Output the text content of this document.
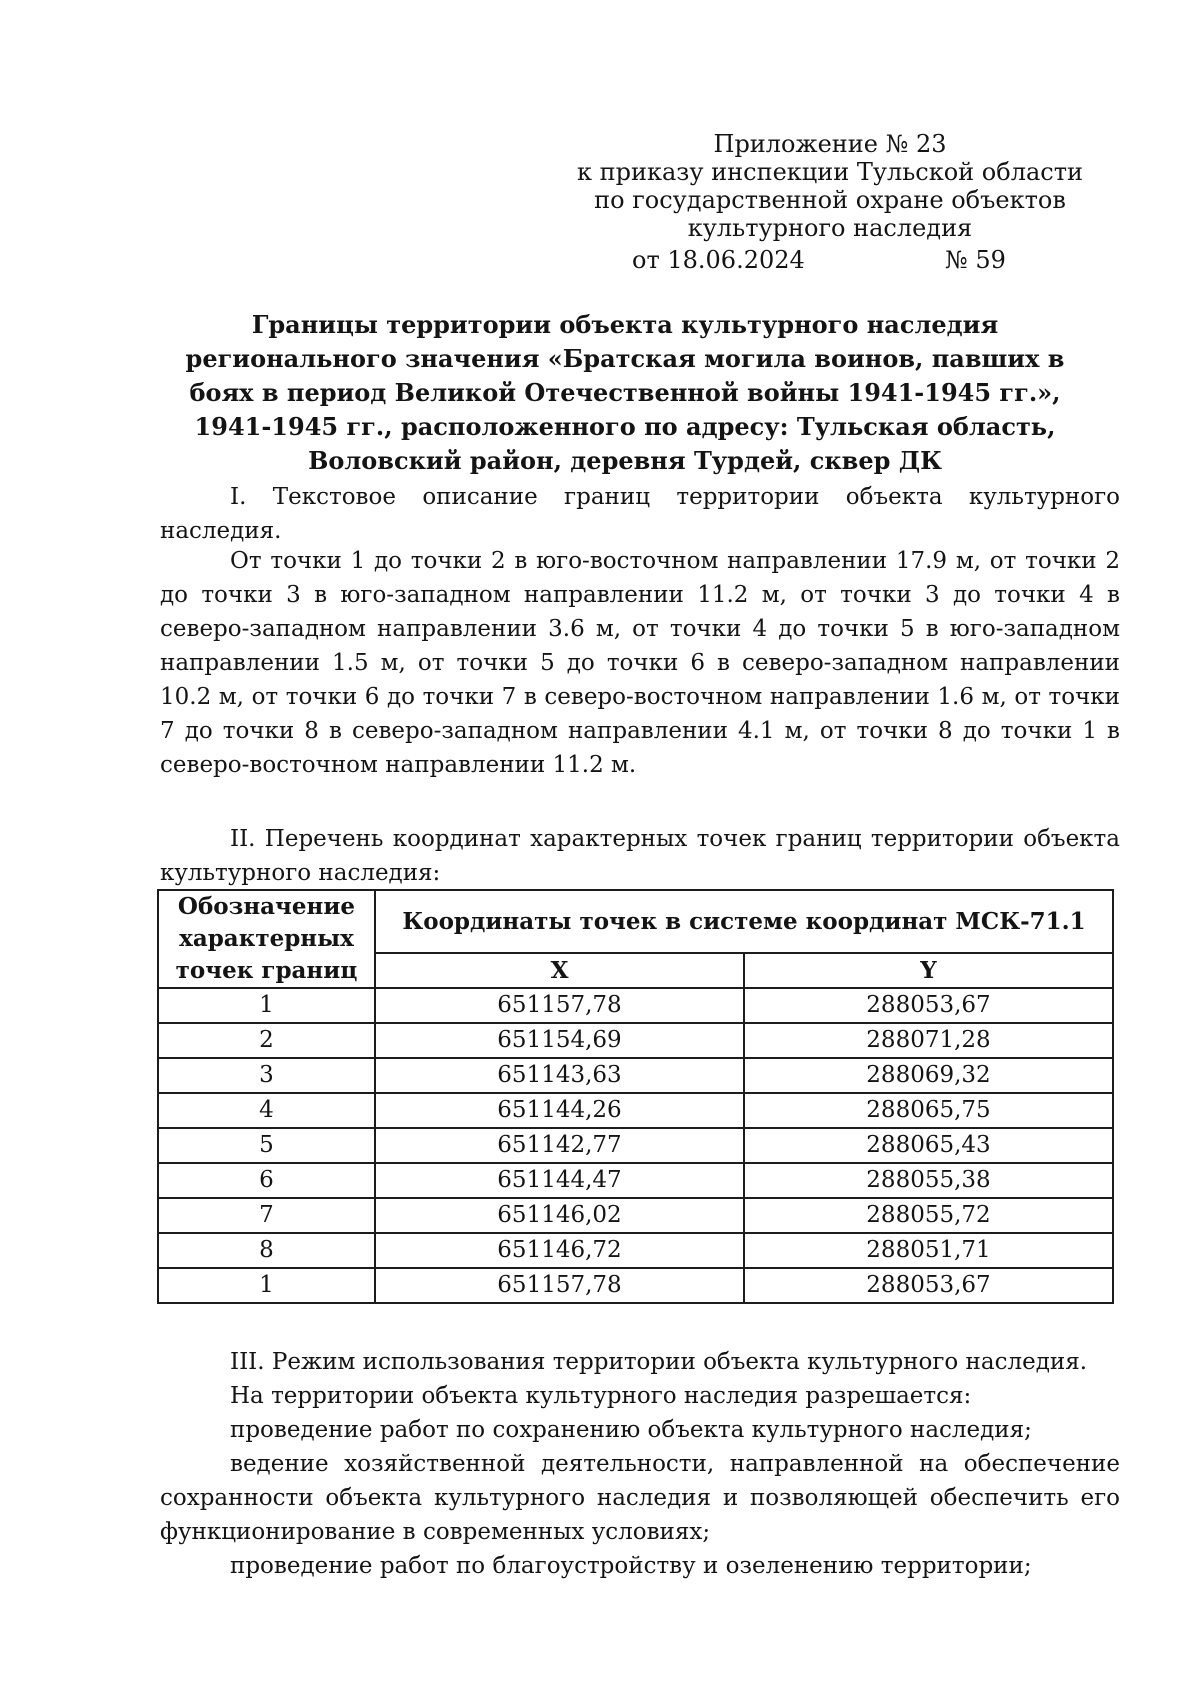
Приложение № 23
к приказу инспекции Тульской области
по государственной охране объектов
культурного наследия
от 18.06.2024	№ 59
Границы территории объекта культурного наследия регионального значения «Братская могила воинов, павших в боях в период Великой Отечественной войны 1941-1945 гг.», 1941-1945 гг., расположенного по адресу: Тульская область, Воловский район, деревня Турдей, сквер ДК
I. Текстовое описание границ территории объекта культурного наследия.
От точки 1 до точки 2 в юго-восточном направлении 17.9 м, от точки 2 до точки 3 в юго-западном направлении 11.2 м, от точки 3 до точки 4 в северо-западном направлении 3.6 м, от точки 4 до точки 5 в юго-западном направлении 1.5 м, от точки 5 до точки 6 в северо-западном направлении 10.2 м, от точки 6 до точки 7 в северо-восточном направлении 1.6 м, от точки 7 до точки 8 в северо-западном направлении 4.1 м, от точки 8 до точки 1 в северо-восточном направлении 11.2 м.
II. Перечень координат характерных точек границ территории объекта культурного наследия:
Обозначение характерных точек границ	Координаты точек в системе координат МСК-71.1	
	X	Y
1	651157,78	288053,67
2	651154,69	288071,28
3	651143,63	288069,32
4	651144,26	288065,75
5	651142,77	288065,43
6	651144,47	288055,38
7	651146,02	288055,72
8	651146,72	288051,71
1	651157,78	288053,67

III. Режим использования территории объекта культурного наследия.

На территории объекта культурного наследия разрешается:

проведение работ по сохранению объекта культурного наследия;

ведение хозяйственной деятельности, направленной на обеспечение сохранности объекта культурного наследия и позволяющей обеспечить его функционирование в современных условиях;

проведение работ по благоустройству и озеленению территории;
